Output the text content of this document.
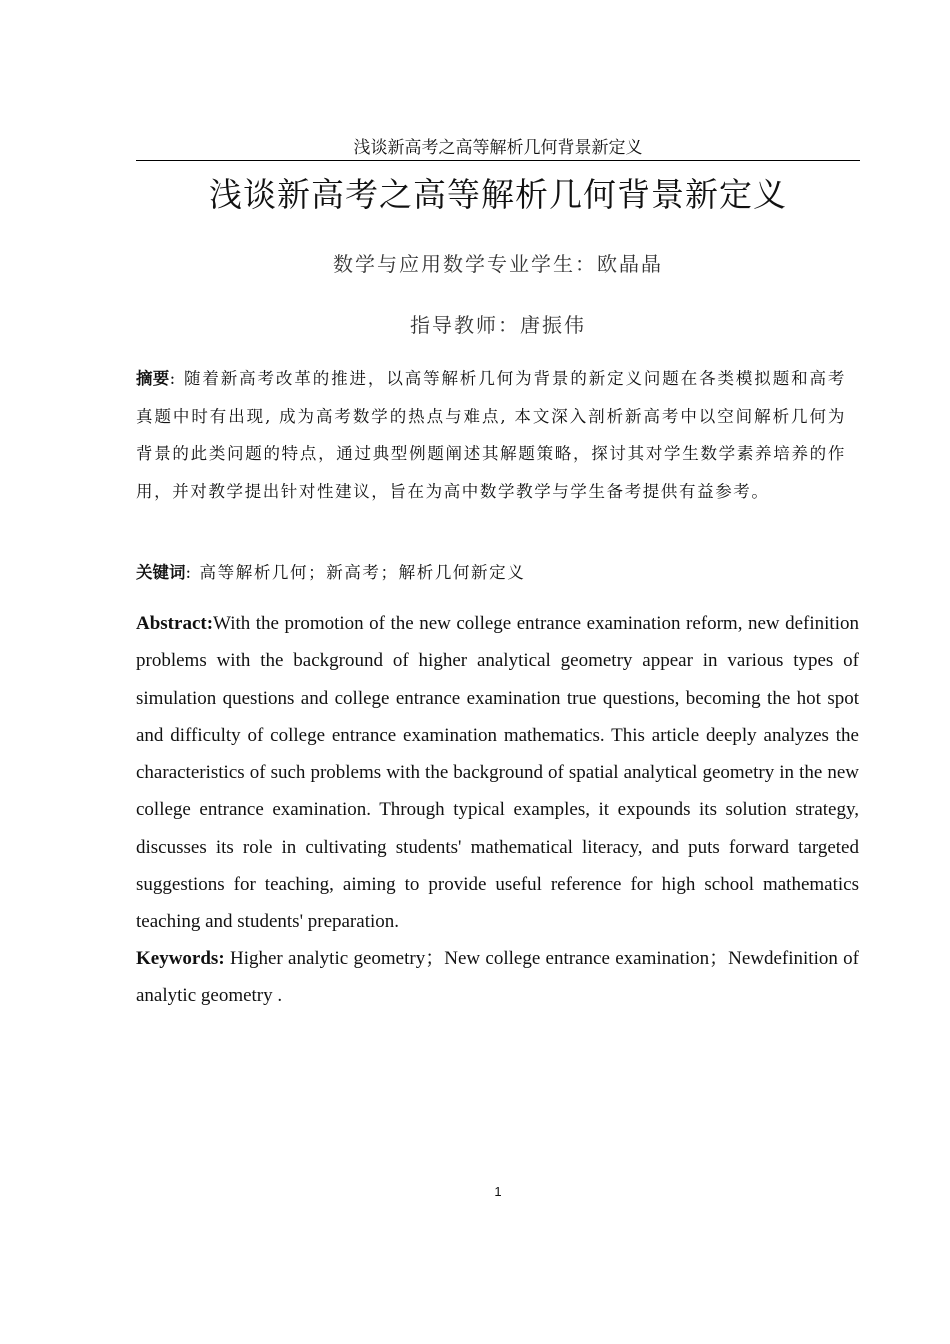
浅谈新高考之高等解析几何背景新定义
浅谈新高考之高等解析几何背景新定义
数学与应用数学专业学生：欧晶晶
指导教师：唐振伟
摘要: 随着新高考改革的推进，以高等解析几何为背景的新定义问题在各类模拟题和高考真题中时有出现, 成为高考数学的热点与难点, 本文深入剖析新高考中以空间解析几何为背景的此类问题的特点，通过典型例题阐述其解题策略，探讨其对学生数学素养培养的作用，并对教学提出针对性建议，旨在为高中数学教学与学生备考提供有益参考。
关键词: 高等解析几何；新高考；解析几何新定义
Abstract:With the promotion of the new college entrance examination reform, new definition problems with the background of higher analytical geometry appear in various types of simulation questions and college entrance examination true questions, becoming the hot spot and difficulty of college entrance examination mathematics. This article deeply analyzes the characteristics of such problems with the background of spatial analytical geometry in the new college entrance examination. Through typical examples, it expounds its solution strategy, discusses its role in cultivating students' mathematical literacy, and puts forward targeted suggestions for teaching, aiming to provide useful reference for high school mathematics teaching and students' preparation.
Keywords: Higher analytic geometry；New college entrance examination；Newdefinition of analytic geometry .
1
